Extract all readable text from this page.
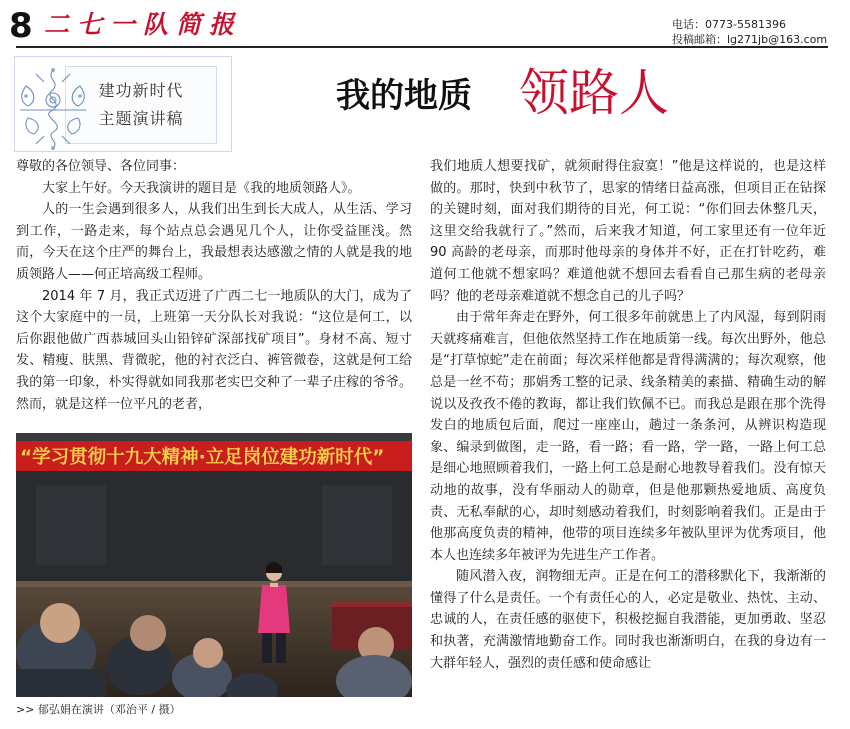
8 二七一队简报	电话：0773-5581396
投稿邮箱：lg271jb@163.com
建功新时代
主题演讲稿
我的地质 领路人

尊敬的各位领导、各位同事：

大家上午好。今天我演讲的题目是《我的地质领路人》。

人的一生会遇到很多人，从我们出生到长大成人，从生活、学习到工作，一路走来，每个站点总会遇见几个人，让你受益匪浅。然而，今天在这个庄严的舞台上，我最想表达感激之情的人就是我的地质领路人——何正培高级工程师。

2014 年 7 月，我正式迈进了广西二七一地质队的大门，成为了这个大家庭中的一员，上班第一天分队长对我说：“这位是何工，以后你跟他做广西恭城回头山铅锌矿深部找矿项目”。身材不高、短寸发、精瘦、肤黑、背微驼，他的衬衣泛白、裤管微卷，这就是何工给我的第一印象，朴实得就如同我那老实巴交种了一辈子庄稼的爷爷。然而，就是这样一位平凡的老者，

“学习贯彻十九大精神·立足岗位建功新时代”
>> 郁弘娟在演讲（邓治平 / 摄）

我们地质人想要找矿，就须耐得住寂寞！”他是这样说的，也是这样做的。那时，快到中秋节了，思家的情绪日益高涨，但项目正在钻探的关键时刻，面对我们期待的目光，何工说：“你们回去休整几天，这里交给我就行了。”然而，后来我才知道，何工家里还有一位年近 90 高龄的老母亲，而那时他母亲的身体并不好，正在打针吃药，难道何工他就不想家吗？难道他就不想回去看看自己那生病的老母亲吗？他的老母亲难道就不想念自己的儿子吗？

由于常年奔走在野外，何工很多年前就患上了内风湿，每到阴雨天就疼痛难言，但他依然坚持工作在地质第一线。每次出野外，他总是“打草惊蛇”走在前面；每次采样他都是背得满满的；每次观察，他总是一丝不苟；那娟秀工整的记录、线条精美的素描、精确生动的解说以及孜孜不倦的教诲，都让我们钦佩不已。而我总是跟在那个洗得发白的地质包后面，爬过一座座山，趟过一条条河，从辨识构造现象、编录到做图，走一路，看一路；看一路，学一路，一路上何工总是细心地照顾着我们，一路上何工总是耐心地教导着我们。没有惊天动地的故事，没有华丽动人的勋章，但是他那颗热爱地质、高度负责、无私奉献的心，却时刻感动着我们，时刻影响着我们。正是由于他那高度负责的精神，他带的项目连续多年被队里评为优秀项目，他本人也连续多年被评为先进生产工作者。

随风潜入夜，润物细无声。正是在何工的潜移默化下，我渐渐的懂得了什么是责任。一个有责任心的人，必定是敬业、热忱、主动、忠诚的人，在责任感的驱使下，积极挖掘自我潜能，更加勇敢、坚忍和执著，充满激情地勤奋工作。同时我也渐渐明白，在我的身边有一大群年轻人，强烈的责任感和使命感让
